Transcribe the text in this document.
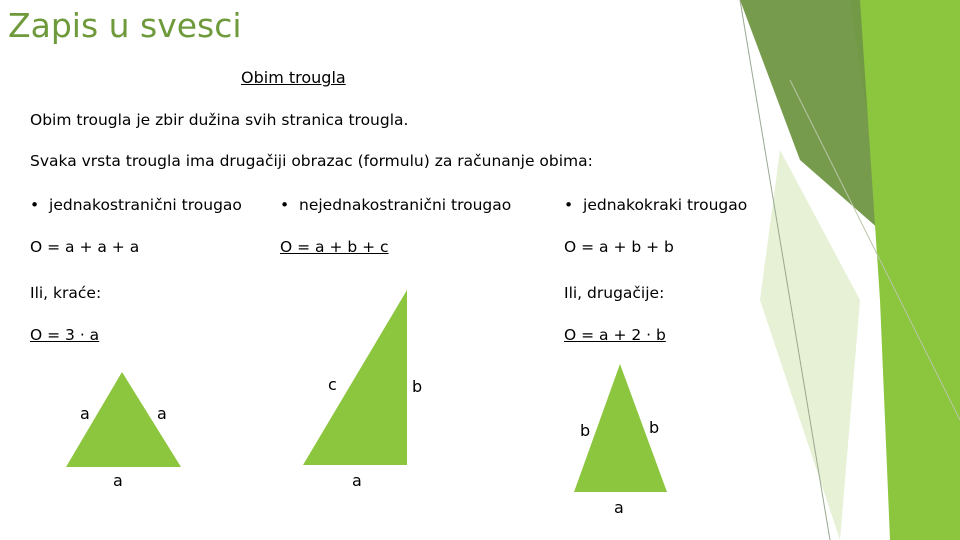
Zapis u svesci
Obim trougla
Obim trougla je zbir dužina svih stranica trougla.
Svaka vrsta trougla ima drugačiji obrazac (formulu) za računanje obima:
• jednakostranični trougao
O = a + a + a
Ili, kraće:
O = 3 · a
• nejednakostranični trougao
O = a + b + c
• jednakokraki trougao
O = a + b + b
Ili, drugačije:
O = a + 2 · b
a	a
a
c	b
a
b	b
a
